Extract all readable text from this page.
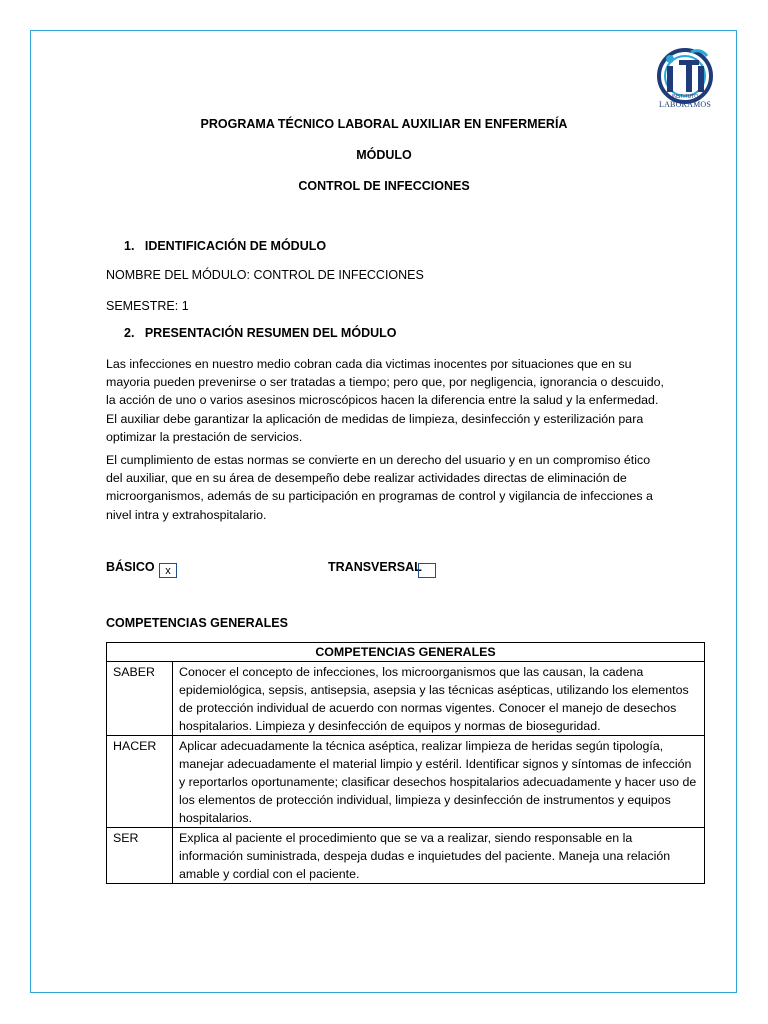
INSTITUTO
LABORAMOS
PROGRAMA TÉCNICO LABORAL AUXILIAR EN ENFERMERÍA
MÓDULO
CONTROL DE INFECCIONES
1.   IDENTIFICACIÓN DE MÓDULO
NOMBRE DEL MÓDULO: CONTROL DE INFECCIONES
SEMESTRE: 1
2.   PRESENTACIÓN RESUMEN DEL MÓDULO
Las infecciones en nuestro medio cobran cada dia victimas inocentes por situaciones que en su mayoria pueden prevenirse o ser tratadas a tiempo; pero que, por negligencia, ignorancia o descuido, la acción de uno o varios asesinos microscópicos hacen la diferencia entre la salud y la enfermedad. El auxiliar debe garantizar la aplicación de medidas de limpieza, desinfección y esterilización para optimizar la prestación de servicios.
El cumplimiento de estas normas se convierte en un derecho del usuario y en un compromiso ético del auxiliar, que en su área de desempeño debe realizar actividades directas de eliminación de microorganismos, además de su participación en programas de control y vigilancia de infecciones a nivel intra y extrahospitalario.
BÁSICO x	TRANSVERSAL
COMPETENCIAS GENERALES
COMPETENCIAS GENERALES	
SABER	Conocer el concepto de infecciones, los microorganismos que las causan, la cadena epidemiológica, sepsis, antisepsia, asepsia y las técnicas asépticas, utilizando los elementos de protección individual de acuerdo con normas vigentes. Conocer el manejo de desechos hospitalarios. Limpieza y desinfección de equipos y normas de bioseguridad.
HACER	Aplicar adecuadamente la técnica aséptica, realizar limpieza de heridas según tipología, manejar adecuadamente el material limpio y estéril. Identificar signos y síntomas de infección y reportarlos oportunamente; clasificar desechos hospitalarios adecuadamente y hacer uso de los elementos de protección individual, limpieza y desinfección de instrumentos y equipos hospitalarios.
SER	Explica al paciente el procedimiento que se va a realizar, siendo responsable en la información suministrada, despeja dudas e inquietudes del paciente. Maneja una relación amable y cordial con el paciente.
